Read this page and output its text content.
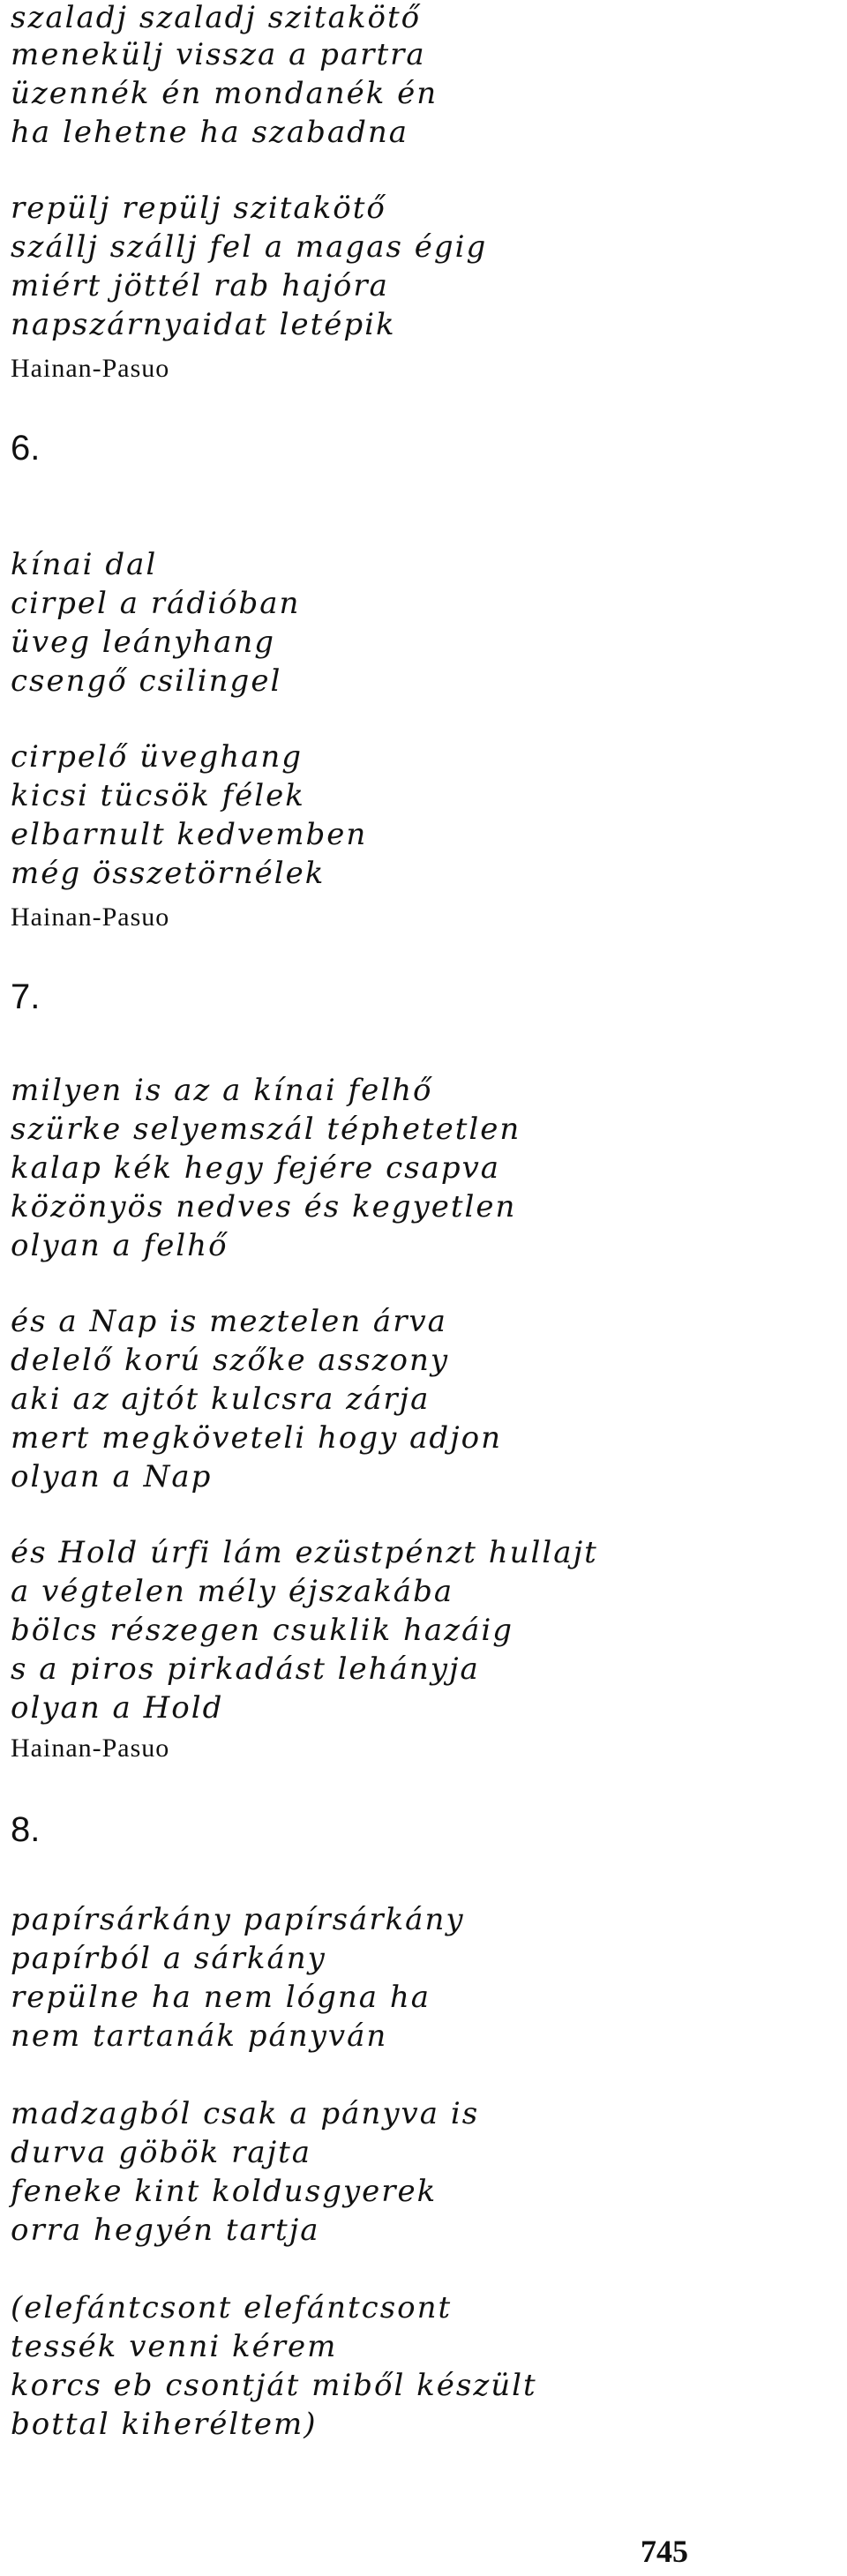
szaladj szaladj szitakötő
menekülj vissza a partra
üzennék én mondanék én
ha lehetne ha szabadna
repülj repülj szitakötő
szállj szállj fel a magas égig
miért jöttél rab hajóra
napszárnyaidat letépik
Hainan-Pasuo
6.
kínai dal
cirpel a rádióban
üveg leányhang
csengő csilingel
cirpelő üveghang
kicsi tücsök félek
elbarnult kedvemben
még összetörnélek
Hainan-Pasuo
7.
milyen is az a kínai felhő
szürke selyemszál téphetetlen
kalap kék hegy fejére csapva
közönyös nedves és kegyetlen
olyan a felhő
és a Nap is meztelen árva
delelő korú szőke asszony
aki az ajtót kulcsra zárja
mert megköveteli hogy adjon
olyan a Nap
és Hold úrfi lám ezüstpénzt hullajt
a végtelen mély éjszakába
bölcs részegen csuklik hazáig
s a piros pirkadást lehányja
olyan a Hold
Hainan-Pasuo
8.
papírsárkány papírsárkány
papírból a sárkány
repülne ha nem lógna ha
nem tartanák pányván
madzagból csak a pányva is
durva göbök rajta
feneke kint koldusgyerek
orra hegyén tartja
(elefántcsont elefántcsont
tessék venni kérem
korcs eb csontját miből készült
bottal kiheréltem)
745
